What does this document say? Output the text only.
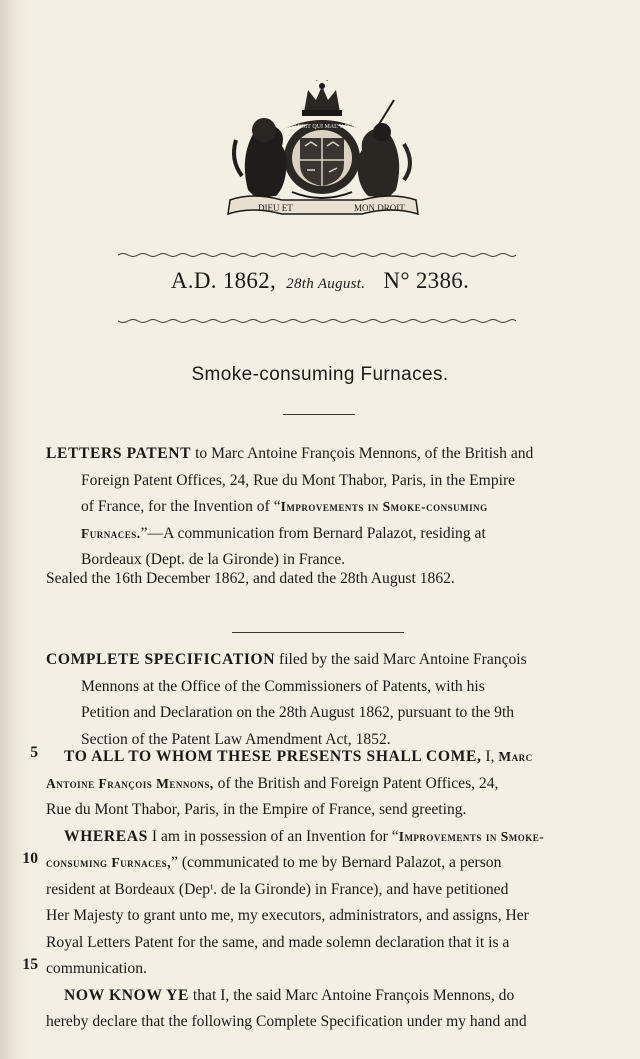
HONI SOIT QUI MAL Y PENSE
DIEU ET	MON DROIT
A.D. 1862, 28th August. N° 2386.
Smoke-consuming Furnaces.
LETTERS PATENT to Marc Antoine François Mennons, of the British and
Foreign Patent Offices, 24, Rue du Mont Thabor, Paris, in the Empire
of France, for the Invention of “Improvements in Smoke-consuming
Furnaces.”—A communication from Bernard Palazot, residing at
Bordeaux (Dept. de la Gironde) in France.
Sealed the 16th December 1862, and dated the 28th August 1862.
COMPLETE SPECIFICATION filed by the said Marc Antoine François
Mennons at the Office of the Commissioners of Patents, with his
Petition and Declaration on the 28th August 1862, pursuant to the 9th
Section of the Patent Law Amendment Act, 1852.
5
10
15
TO ALL TO WHOM THESE PRESENTS SHALL COME, I, Marc
Antoine François Mennons, of the British and Foreign Patent Offices, 24,
Rue du Mont Thabor, Paris, in the Empire of France, send greeting.
WHEREAS I am in possession of an Invention for “Improvements in Smoke-
consuming Furnaces,” (communicated to me by Bernard Palazot, a person
resident at Bordeaux (Depᵗ. de la Gironde) in France), and have petitioned
Her Majesty to grant unto me, my executors, administrators, and assigns, Her
Royal Letters Patent for the same, and made solemn declaration that it is a
communication.
NOW KNOW YE that I, the said Marc Antoine François Mennons, do
hereby declare that the following Complete Specification under my hand and
